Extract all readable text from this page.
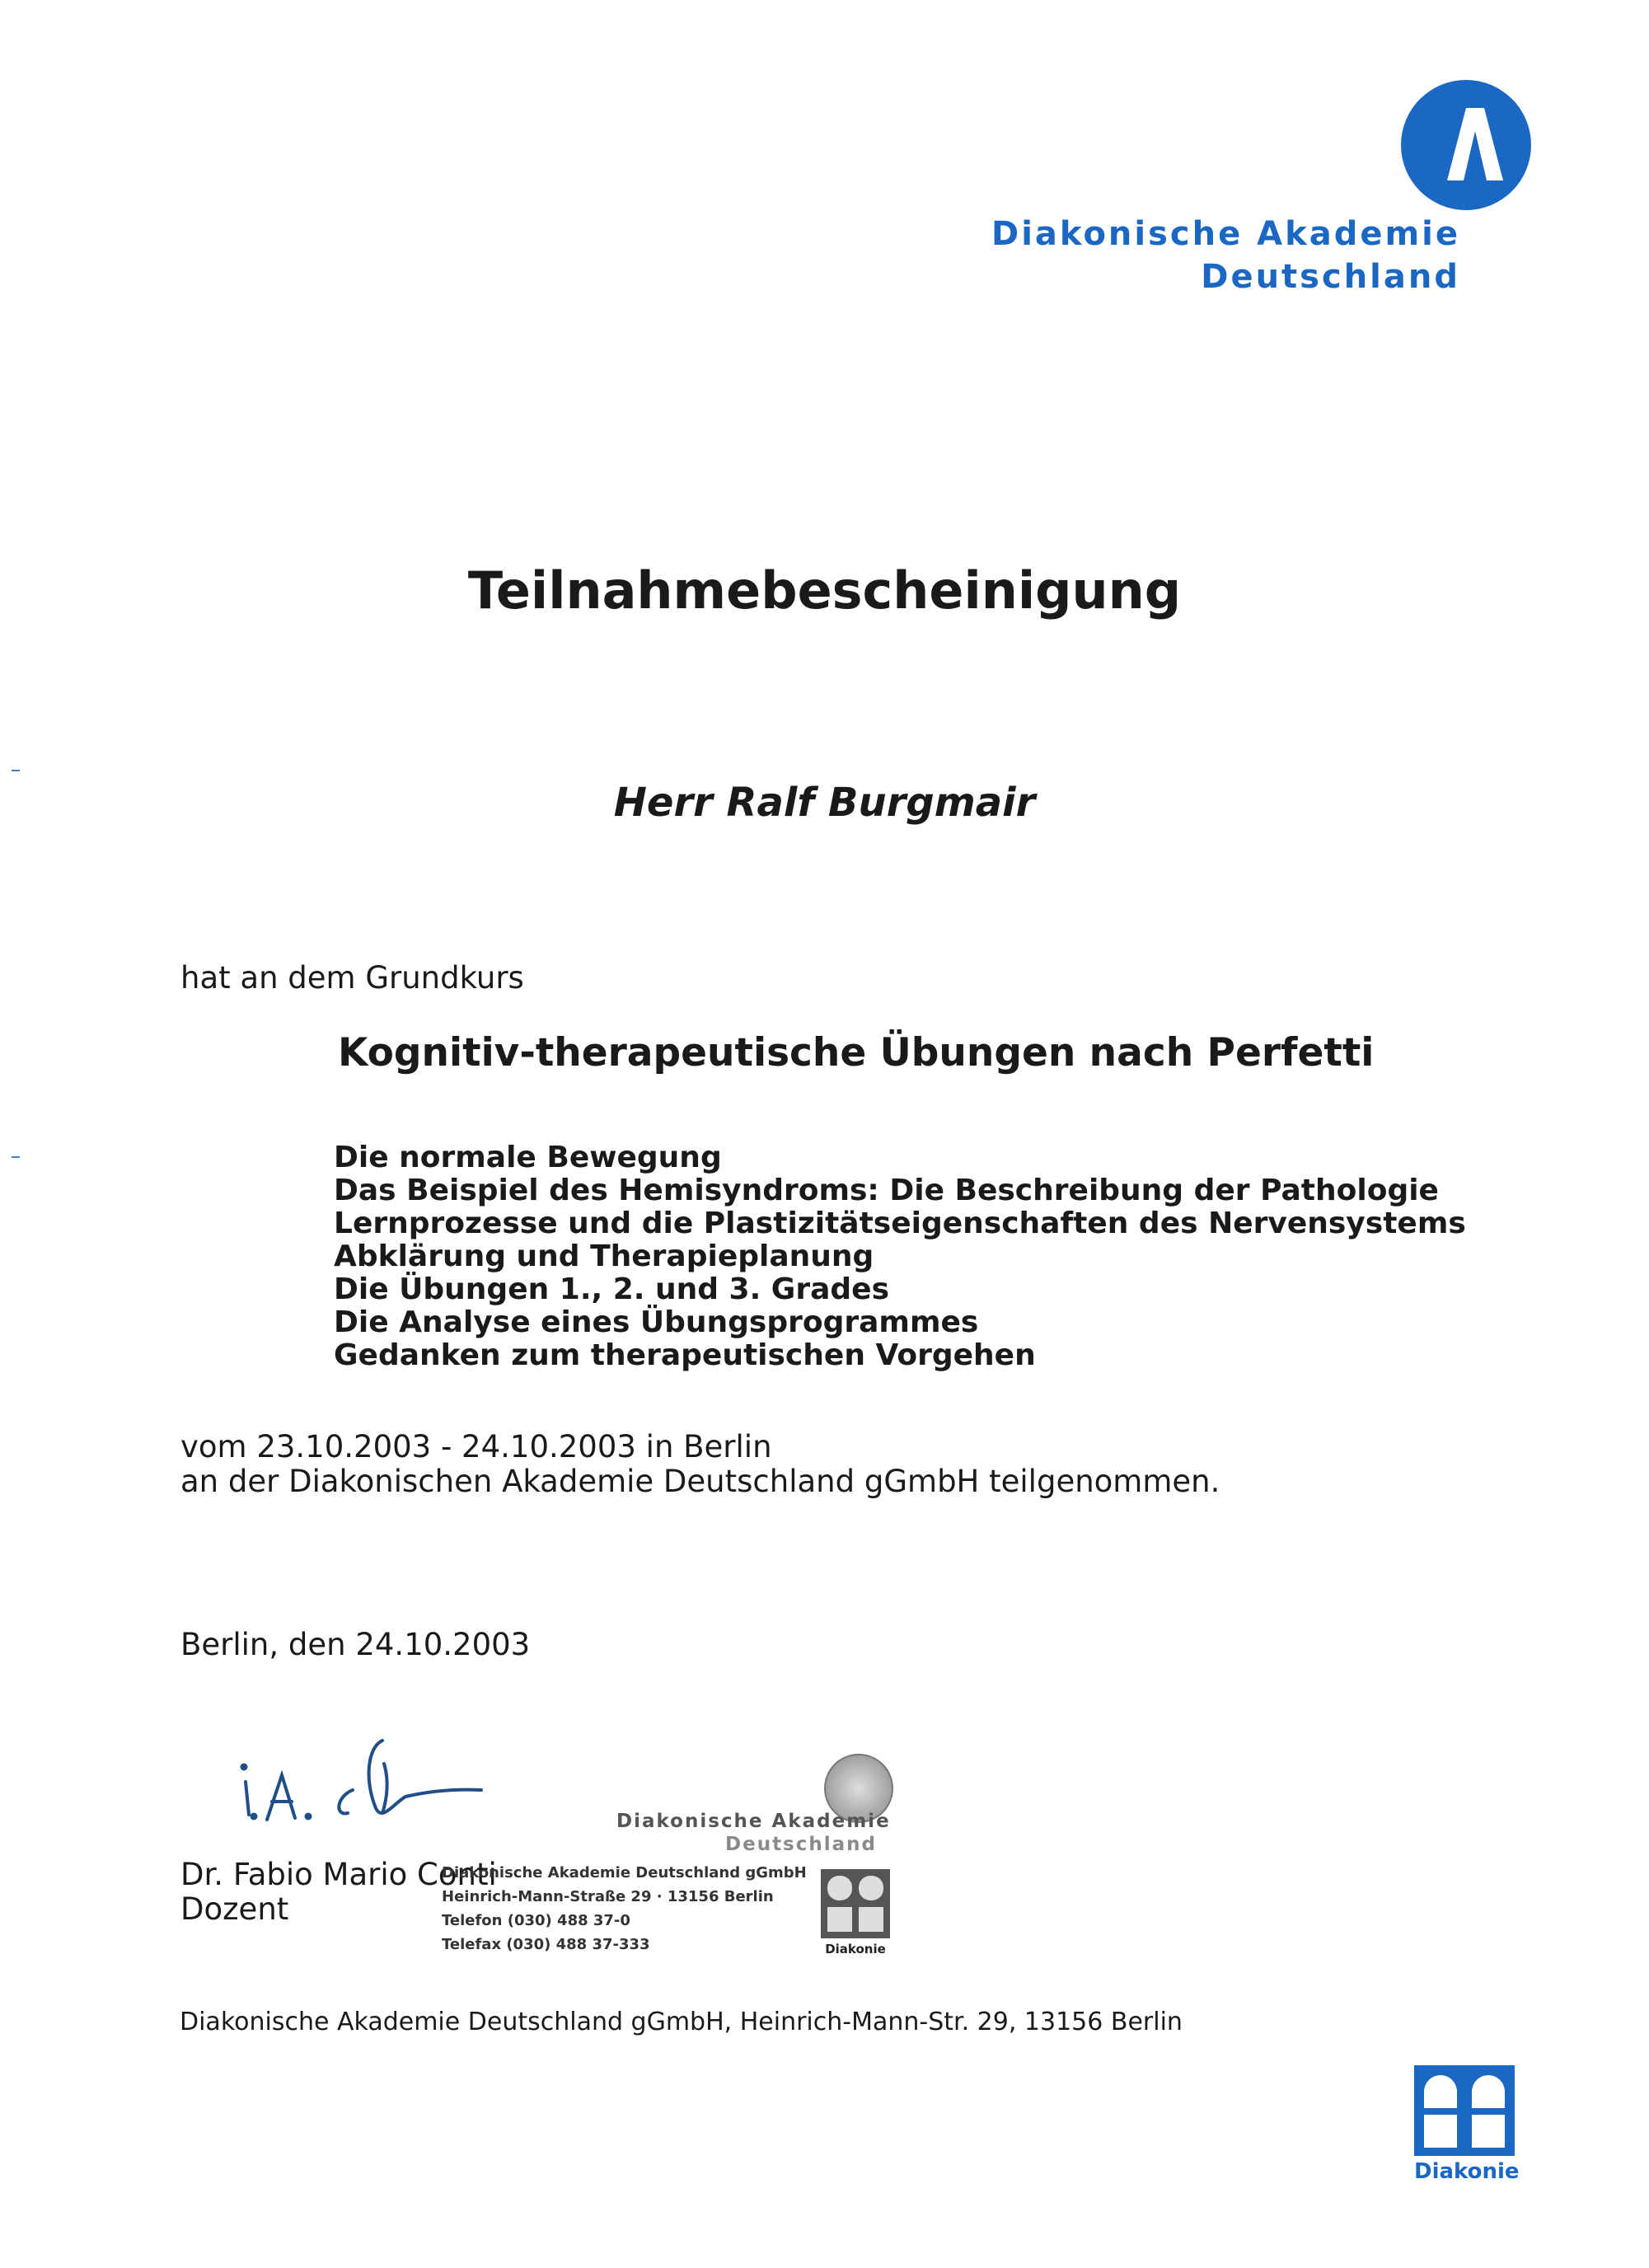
Diakonische Akademie
Deutschland
Teilnahmebescheinigung
Herr Ralf Burgmair
hat an dem Grundkurs
Kognitiv-therapeutische Übungen nach Perfetti
Die normale Bewegung
Das Beispiel des Hemisyndroms: Die Beschreibung der Pathologie
Lernprozesse und die Plastizitätseigenschaften des Nervensystems
Abklärung und Therapieplanung
Die Übungen 1., 2. und 3. Grades
Die Analyse eines Übungsprogrammes
Gedanken zum therapeutischen Vorgehen
vom 23.10.2003 - 24.10.2003 in Berlin
an der Diakonischen Akademie Deutschland gGmbH teilgenommen.
Berlin, den 24.10.2003
Dr. Fabio Mario Conti
Dozent
Diakonische Akademie
Deutschland
Diakonische Akademie Deutschland gGmbH
Heinrich-Mann-Straße 29 · 13156 Berlin
Telefon (030) 488 37-0
Telefax (030) 488 37-333	Diakonie
Diakonische Akademie Deutschland gGmbH, Heinrich-Mann-Str. 29, 13156 Berlin
Diakonie
